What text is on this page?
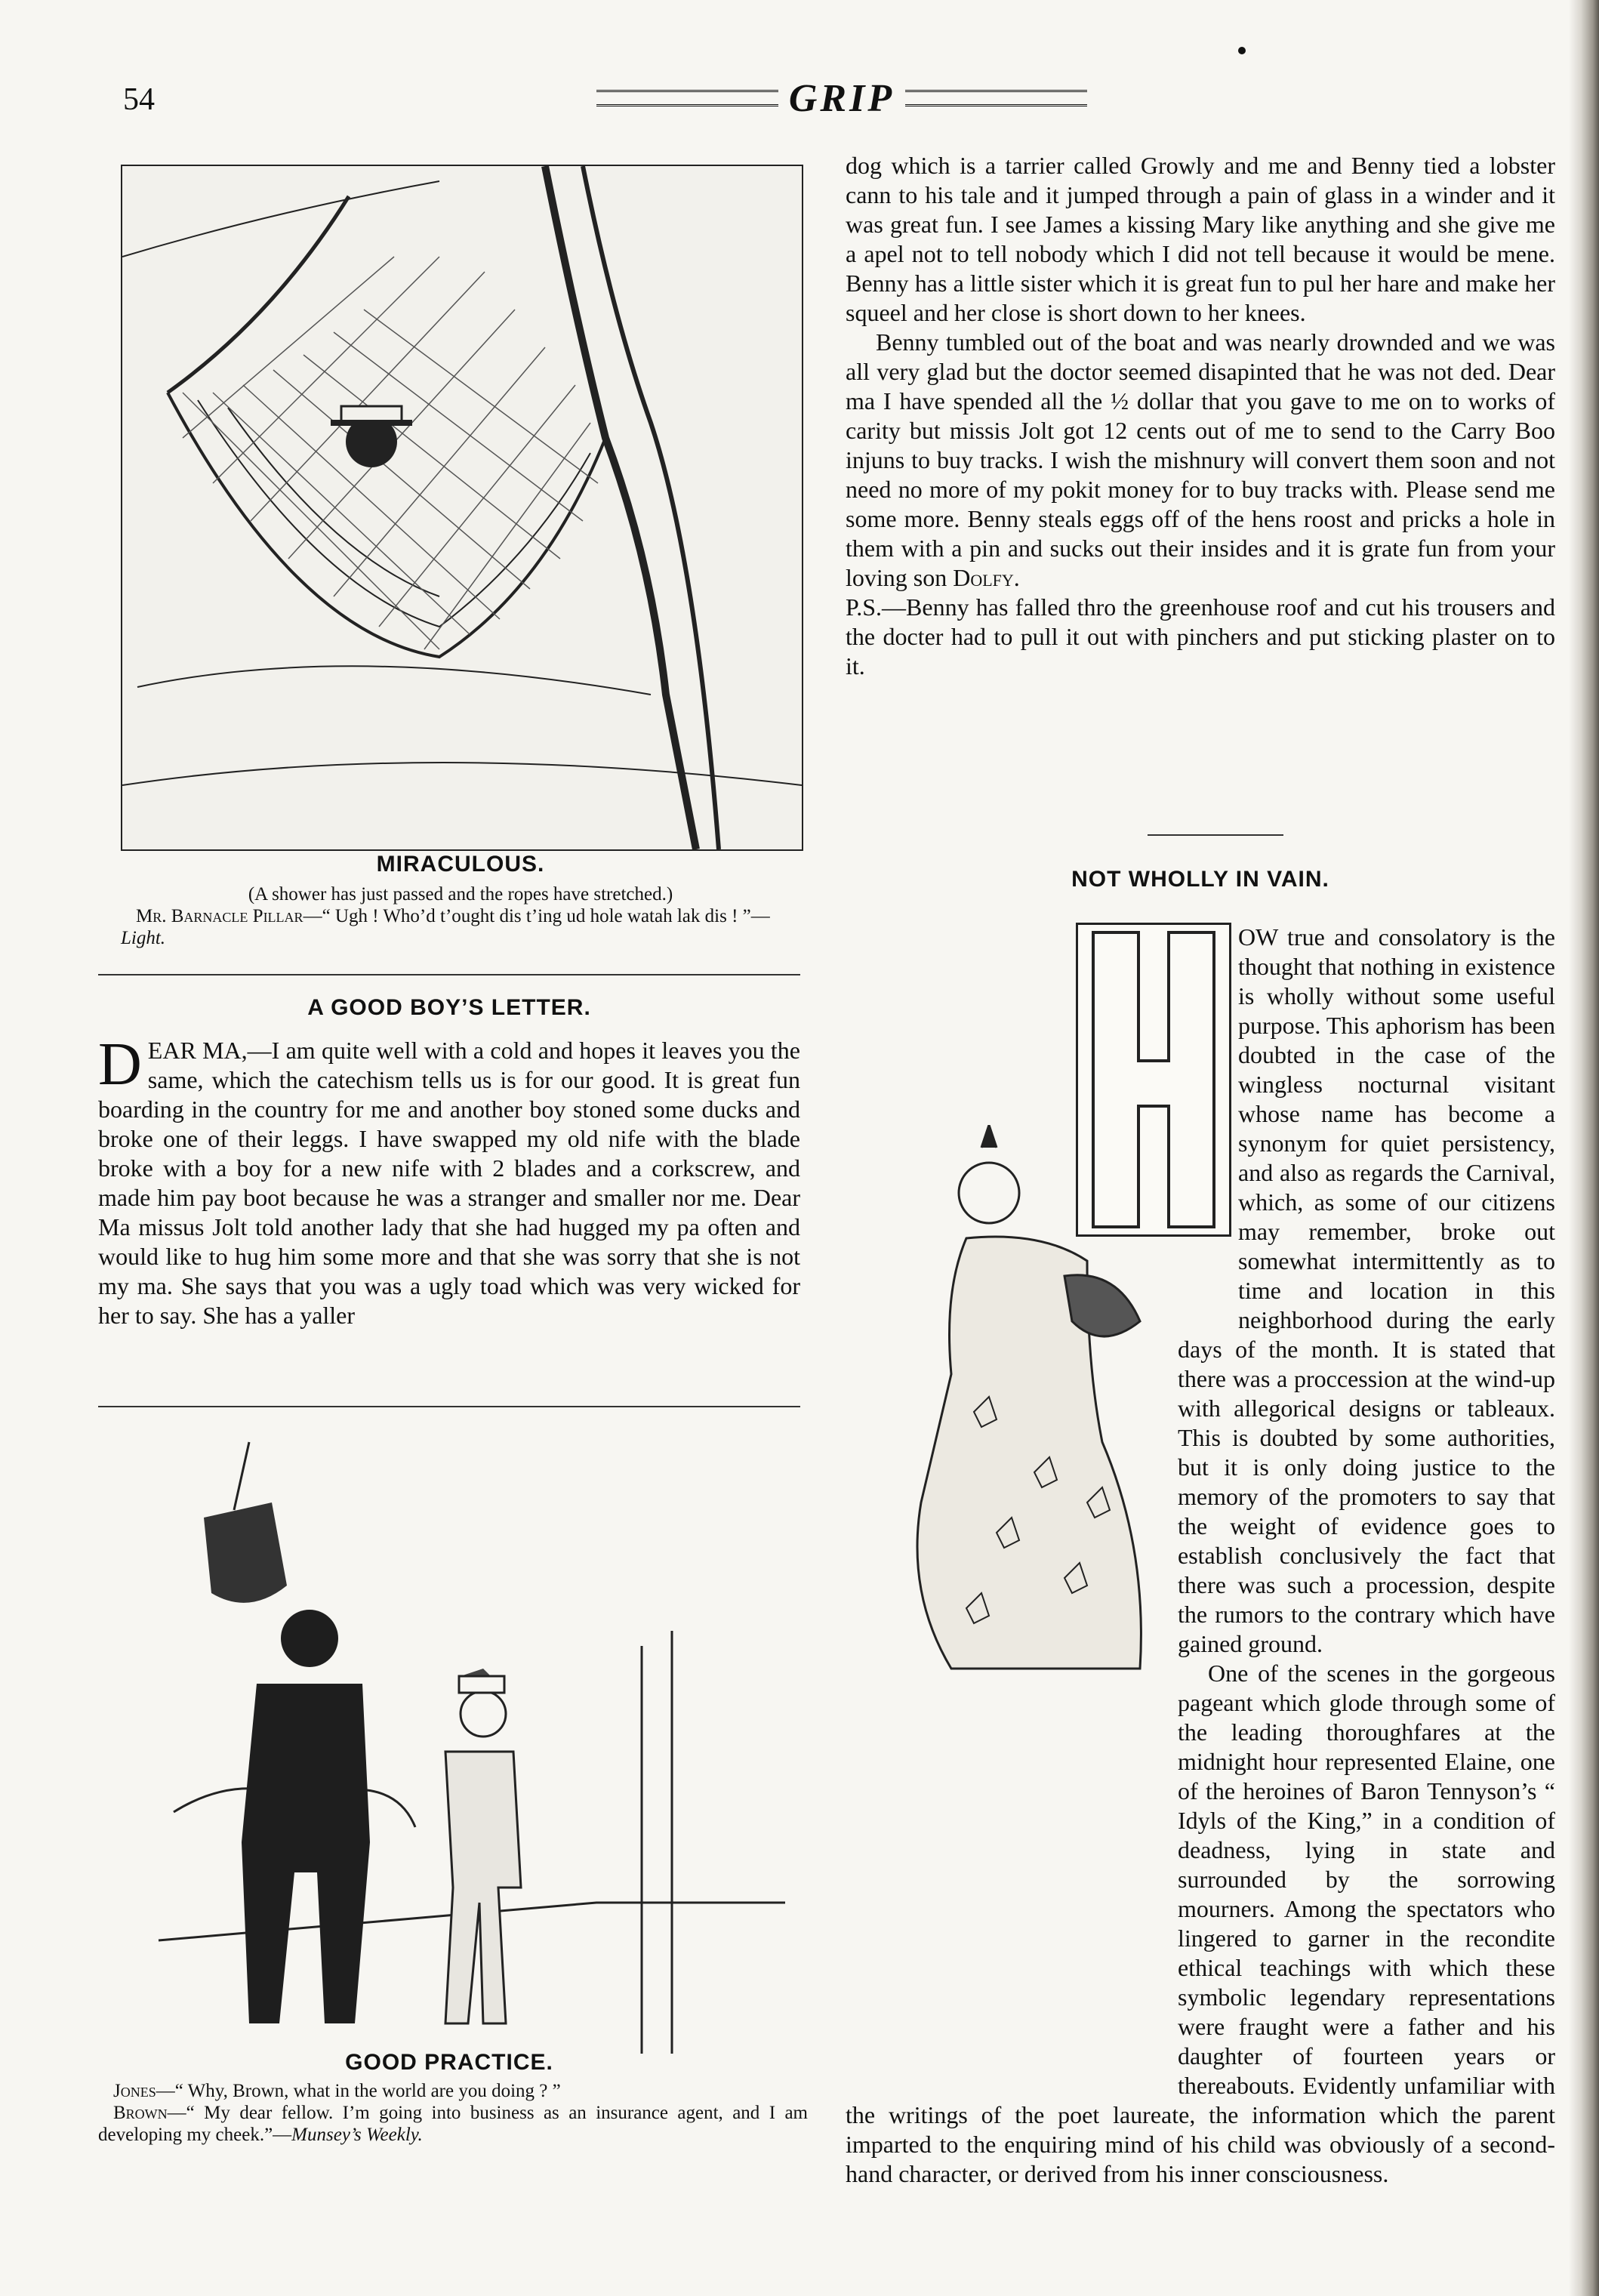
54	GRIP
MIRACULOUS.
(A shower has just passed and the ropes have stretched.)
Mr. Barnacle Pillar—“ Ugh ! Who’d t’ought dis t’ing ud hole watah lak dis ! ”—Light.
A GOOD BOY’S LETTER.

DEAR MA,—I am quite well with a cold and hopes it leaves you the same, which the catechism tells us is for our good. It is great fun boarding in the country for me and another boy stoned some ducks and broke one of their leggs. I have swapped my old nife with the blade broke with a boy for a new nife with 2 blades and a corkscrew, and made him pay boot because he was a stranger and smaller nor me. Dear Ma missus Jolt told another lady that she had hugged my pa often and would like to hug him some more and that she was sorry that she is not my ma. She says that you was a ugly toad which was very wicked for her to say. She has a yaller

GOOD PRACTICE.
Jones—“ Why, Brown, what in the world are you doing ? ”
Brown—“ My dear fellow. I’m going into business as an insurance agent, and I am developing my cheek.”—Munsey’s Weekly.

dog which is a tarrier called Growly and me and Benny tied a lobster cann to his tale and it jumped through a pain of glass in a winder and it was great fun. I see James a kissing Mary like anything and she give me a apel not to tell nobody which I did not tell because it would be mene. Benny has a little sister which it is great fun to pul her hare and make her squeel and her close is short down to her knees.

Benny tumbled out of the boat and was nearly drownded and we was all very glad but the doctor seemed disapinted that he was not ded. Dear ma I have spended all the ½ dollar that you gave to me on to works of carity but missis Jolt got 12 cents out of me to send to the Carry Boo injuns to buy tracks. I wish the mishnury will convert them soon and not need no more of my pokit money for to buy tracks with. Please send me some more. Benny steals eggs off of the hens roost and pricks a hole in them with a pin and sucks out their insides and it is grate fun from your loving son Dolfy.

P.S.—Benny has falled thro the greenhouse roof and cut his trousers and the docter had to pull it out with pinchers and put sticking plaster on to it.

NOT WHOLLY IN VAIN.

OW true and consolatory is the thought that nothing in existence is wholly without some useful purpose. This aphorism has been doubted in the case of the wingless nocturnal visitant whose name has become a synonym for quiet persistency, and also as regards the Carnival, which, as some of our citizens may remember, broke out somewhat intermittently as to time and location in this neighborhood during the early days of the month. It is stated that there was a proccession at the wind-up with allegorical designs or tableaux. This is doubted by some authorities, but it is only doing justice to the memory of the promoters to say that the weight of evidence goes to establish conclusively the fact that there was such a procession, despite the rumors to the contrary which have gained ground.

One of the scenes in the gorgeous pageant which glode through some of the leading thoroughfares at the midnight hour represented Elaine, one of the heroines of Baron Tennyson’s “ Idyls of the King,” in a condition of deadness, lying in state and surrounded by the sorrowing mourners. Among the spectators who lingered to garner in the recondite ethical teachings with which these symbolic legendary representations were fraught were a father and his daughter of fourteen years or thereabouts. Evidently unfamiliar with the writings of the poet laureate, the information which the parent imparted to the enquiring mind of his child was obviously of a second-hand character, or derived from his inner consciousness.
